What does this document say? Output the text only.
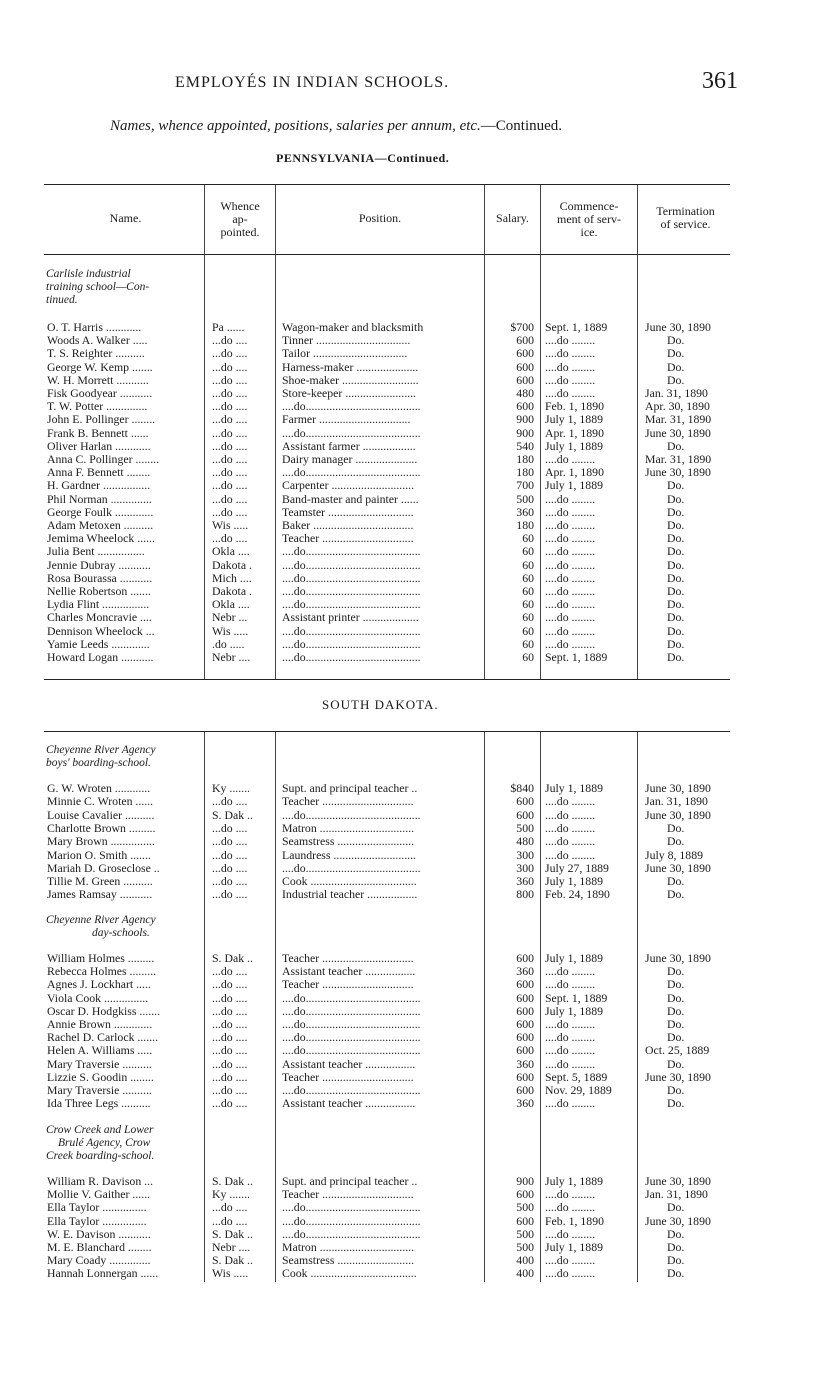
EMPLOYÉS IN INDIAN SCHOOLS.	361
Names, whence appointed, positions, salaries per annum, etc.—Continued.
PENNSYLVANIA—Continued.
Name.
Whence
ap-
pointed.
Position.	Salary.
Commence-
ment of serv-
ice.
Termination
of service.
Carlisle industrial
training school—Con-
tinued.
O. T. Harris ............	Pa ......	Wagon-maker and blacksmith	$700 Sept. 1, 1889	June 30, 1890
Woods A. Walker .....	...do ....	Tinner ................................	600 ....do ........	Do.
T. S. Reighter ..........	...do ....	Tailor ................................	600 ....do ........	Do.
George W. Kemp .......	...do ....	Harness-maker .....................	600 ....do ........	Do.
W. H. Morrett ...........	...do ....	Shoe-maker ..........................	600 ....do ........	Do.
Fisk Goodyear ...........	...do ....	Store-keeper ........................	480 ....do ........	Jan. 31, 1890
T. W. Potter ..............	...do ....	....do.......................................	600 Feb. 1, 1890	Apr. 30, 1890
John E. Pollinger ........	...do ....	Farmer ...............................	900 July 1, 1889	Mar. 31, 1890
Frank B. Bennett ......	...do ....	....do.......................................	900 Apr. 1, 1890	June 30, 1890
Oliver Harlan ............	...do ....	Assistant farmer ..................	540 July 1, 1889	Do.
Anna C. Pollinger ........	...do ....	Dairy manager .....................	180 ....do ........	Mar. 31, 1890
Anna F. Bennett ........	...do ....	....do.......................................	180 Apr. 1, 1890	June 30, 1890
H. Gardner ................	...do ....	Carpenter ............................	700 July 1, 1889	Do.
Phil Norman ..............	...do ....	Band-master and painter ......	500 ....do ........	Do.
George Foulk .............	...do ....	Teamster .............................	360 ....do ........	Do.
Adam Metoxen ..........	Wis .....	Baker ..................................	180 ....do ........	Do.
Jemima Wheelock ......	...do ....	Teacher ...............................	60 ....do ........	Do.
Julia Bent ................	Okla ....	....do.......................................	60 ....do ........	Do.
Jennie Dubray ...........	Dakota .	....do.......................................	60 ....do ........	Do.
Rosa Bourassa ...........	Mich ....	....do.......................................	60 ....do ........	Do.
Nellie Robertson .......	Dakota .	....do.......................................	60 ....do ........	Do.
Lydia Flint ................	Okla ....	....do.......................................	60 ....do ........	Do.
Charles Moncravie ....	Nebr ...	Assistant printer ...................	60 ....do ........	Do.
Dennison Wheelock ...	Wis .....	....do.......................................	60 ....do ........	Do.
Yamie Leeds .............	.do .....	....do.......................................	60 ....do ........	Do.
Howard Logan ...........	Nebr ....	....do.......................................	60 Sept. 1, 1889	Do.
SOUTH DAKOTA.
Cheyenne River Agency
boys' boarding-school.
G. W. Wroten ............	Ky .......	Supt. and principal teacher ..	$840 July 1, 1889	June 30, 1890
Minnie C. Wroten ......	...do ....	Teacher ...............................	600 ....do ........	Jan. 31, 1890
Louise Cavalier ..........	S. Dak ..	....do.......................................	600 ....do ........	June 30, 1890
Charlotte Brown .........	...do ....	Matron ................................	500 ....do ........	Do.
Mary Brown ...............	...do ....	Seamstress ..........................	480 ....do ........	Do.
Marion O. Smith .......	...do ....	Laundress ............................	300 ....do ........	July 8, 1889
Mariah D. Groseclose ..	...do ....	....do.......................................	300 July 27, 1889	June 30, 1890
Tillie M. Green ..........	...do ....	Cook ....................................	360 July 1, 1889	Do.
James Ramsay ...........	...do ....	Industrial teacher .................	800 Feb. 24, 1890	Do.
Cheyenne River Agency
day-schools.
William Holmes .........	S. Dak ..	Teacher ...............................	600 July 1, 1889	June 30, 1890
Rebecca Holmes .........	...do ....	Assistant teacher .................	360 ....do ........	Do.
Agnes J. Lockhart .....	...do ....	Teacher ...............................	600 ....do ........	Do.
Viola Cook ...............	...do ....	....do.......................................	600 Sept. 1, 1889	Do.
Oscar D. Hodgkiss .......	...do ....	....do.......................................	600 July 1, 1889	Do.
Annie Brown .............	...do ....	....do.......................................	600 ....do ........	Do.
Rachel D. Carlock .......	...do ....	....do.......................................	600 ....do ........	Do.
Helen A. Williams .....	...do ....	....do.......................................	600 ....do ........	Oct. 25, 1889
Mary Traversie ..........	...do ....	Assistant teacher .................	360 ....do ........	Do.
Lizzie S. Goodin ........	...do ....	Teacher ...............................	600 Sept. 5, 1889	June 30, 1890
Mary Traversie ..........	...do ....	....do.......................................	600 Nov. 29, 1889	Do.
Ida Three Legs ..........	...do ....	Assistant teacher .................	360 ....do ........	Do.
Crow Creek and Lower
Brulé Agency, Crow
Creek boarding-school.
William R. Davison ...	S. Dak ..	Supt. and principal teacher ..	900 July 1, 1889	June 30, 1890
Mollie V. Gaither ......	Ky .......	Teacher ...............................	600 ....do ........	Jan. 31, 1890
Ella Taylor ...............	...do ....	....do.......................................	500 ....do ........	Do.
Ella Taylor ...............	...do ....	....do.......................................	600 Feb. 1, 1890	June 30, 1890
W. E. Davison ...........	S. Dak ..	....do.......................................	500 ....do ........	Do.
M. E. Blanchard ........	Nebr ....	Matron ................................	500 July 1, 1889	Do.
Mary Coady ..............	S. Dak ..	Seamstress ..........................	400 ....do ........	Do.
Hannah Lonnergan ......	Wis .....	Cook ....................................	400 ....do ........	Do.
